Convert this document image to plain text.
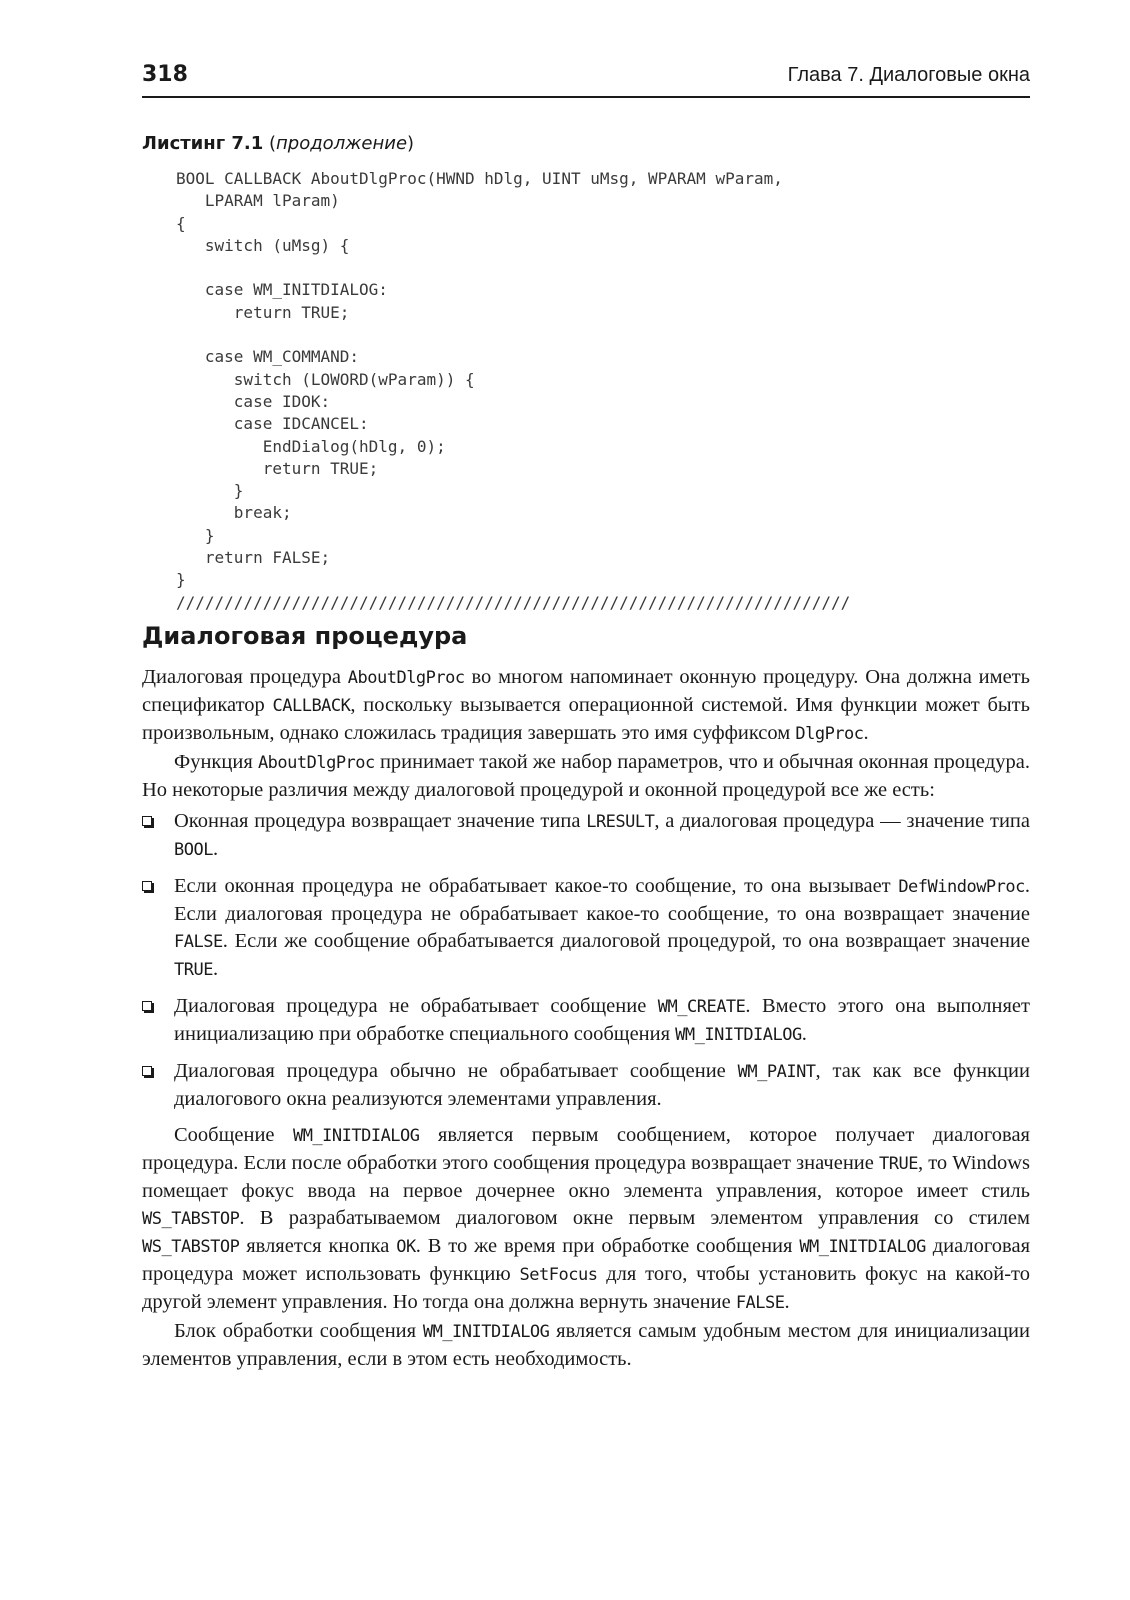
318	Глава 7. Диалоговые окна
Листинг 7.1 (продолжение)
BOOL CALLBACK AboutDlgProc(HWND hDlg, UINT uMsg, WPARAM wParam,
LPARAM lParam)
{
switch (uMsg) {
case WM_INITDIALOG:
return TRUE;
case WM_COMMAND:
switch (LOWORD(wParam)) {
case IDOK:
case IDCANCEL:
EndDialog(hDlg, 0);
return TRUE;
}
break;
}
return FALSE;
}
//////////////////////////////////////////////////////////////////////
Диалоговая процедура

Диалоговая процедура AboutDlgProc во многом напоминает оконную процедуру. Она должна иметь спецификатор CALLBACK, поскольку вызывается операционной системой. Имя функции может быть произвольным, однако сложилась традиция завершать это имя суффиксом DlgProc.

Функция AboutDlgProc принимает такой же набор параметров, что и обычная оконная процедура. Но некоторые различия между диалоговой процедурой и оконной процедурой все же есть:

Оконная процедура возвращает значение типа LRESULT, а диалоговая процедура — значение типа BOOL.
Если оконная процедура не обрабатывает какое-то сообщение, то она вызывает DefWindowProc. Если диалоговая процедура не обрабатывает какое-то сообщение, то она возвращает значение FALSE. Если же сообщение обрабатывается диалоговой процедурой, то она возвращает значение TRUE.
Диалоговая процедура не обрабатывает сообщение WM_CREATE. Вместо этого она выполняет инициализацию при обработке специального сообщения WM_INITDIALOG.
Диалоговая процедура обычно не обрабатывает сообщение WM_PAINT, так как все функции диалогового окна реализуются элементами управления.

Сообщение WM_INITDIALOG является первым сообщением, которое получает диалоговая процедура. Если после обработки этого сообщения процедура возвращает значение TRUE, то Windows помещает фокус ввода на первое дочернее окно элемента управления, которое имеет стиль WS_TABSTOP. В разрабатываемом диалоговом окне первым элементом управления со стилем WS_TABSTOP является кнопка OK. В то же время при обработке сообщения WM_INITDIALOG диалоговая процедура может использовать функцию SetFocus для того, чтобы установить фокус на какой-то другой элемент управления. Но тогда она должна вернуть значение FALSE.

Блок обработки сообщения WM_INITDIALOG является самым удобным местом для инициализации элементов управления, если в этом есть необходимость.
